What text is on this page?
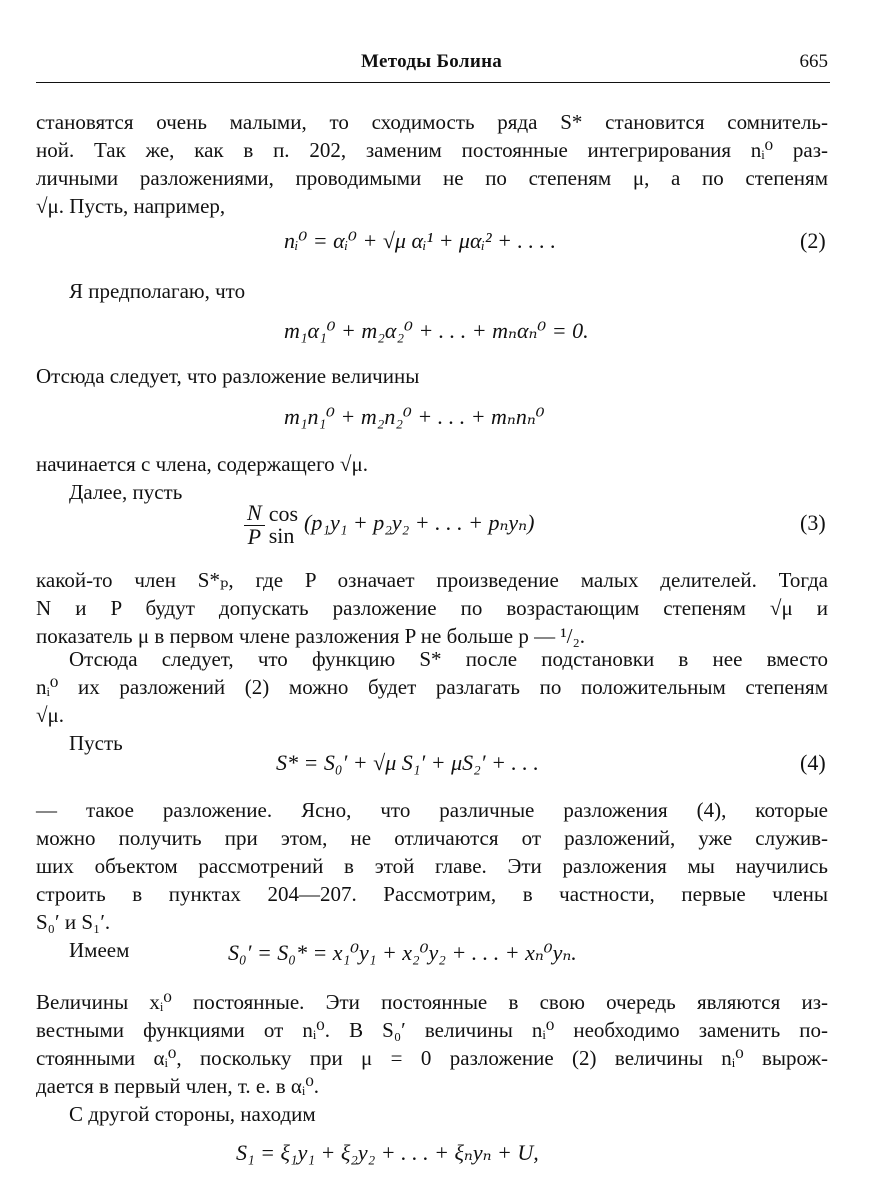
Методы Болина	665
становятся очень малыми, то сходимость ряда S* становится сомнитель-
ной. Так же, как в п. 202, заменим постоянные интегрирования nᵢ⁰ раз-
личными разложениями, проводимыми не по степеням μ, а по степеням
√μ. Пусть, например,
nᵢ⁰ = αᵢ⁰ + √μ αᵢ¹ + μαᵢ² + . . . .	(2)
Я предполагаю, что
m₁α₁⁰ + m₂α₂⁰ + . . . + mₙαₙ⁰ = 0.
Отсюда следует, что разложение величины
m₁n₁⁰ + m₂n₂⁰ + . . . + mₙnₙ⁰
начинается с члена, содержащего √μ.
Далее, пусть
$\frac{N}{P}$ cos
sin
(p₁y₁ + p₂y₂ + . . . + pₙyₙ)	(3)
какой-то член S*ₚ, где P означает произведение малых делителей. Тогда
N и P будут допускать разложение по возрастающим степеням √μ и
показатель μ в первом члене разложения P не больше p — ¹/₂.
Отсюда следует, что функцию S* после подстановки в нее вместо
nᵢ⁰ их разложений (2) можно будет разлагать по положительным степеням
√μ.
Пусть
S* = S₀′ + √μ S₁′ + μS₂′ + . . .	(4)
— такое разложение. Ясно, что различные разложения (4), которые
можно получить при этом, не отличаются от разложений, уже служив-
ших объектом рассмотрений в этой главе. Эти разложения мы научились
строить в пунктах 204—207. Рассмотрим, в частности, первые члены
S₀′ и S₁′.
Имеем	S₀′ = S₀* = x₁⁰y₁ + x₂⁰y₂ + . . . + xₙ⁰yₙ.
Величины xᵢ⁰ постоянные. Эти постоянные в свою очередь являются из-
вестными функциями от nᵢ⁰. В S₀′ величины nᵢ⁰ необходимо заменить по-
стоянными αᵢ⁰, поскольку при μ = 0 разложение (2) величины nᵢ⁰ вырож-
дается в первый член, т. е. в αᵢ⁰.
С другой стороны, находим
S₁ = ξ₁y₁ + ξ₂y₂ + . . . + ξₙyₙ + U,
